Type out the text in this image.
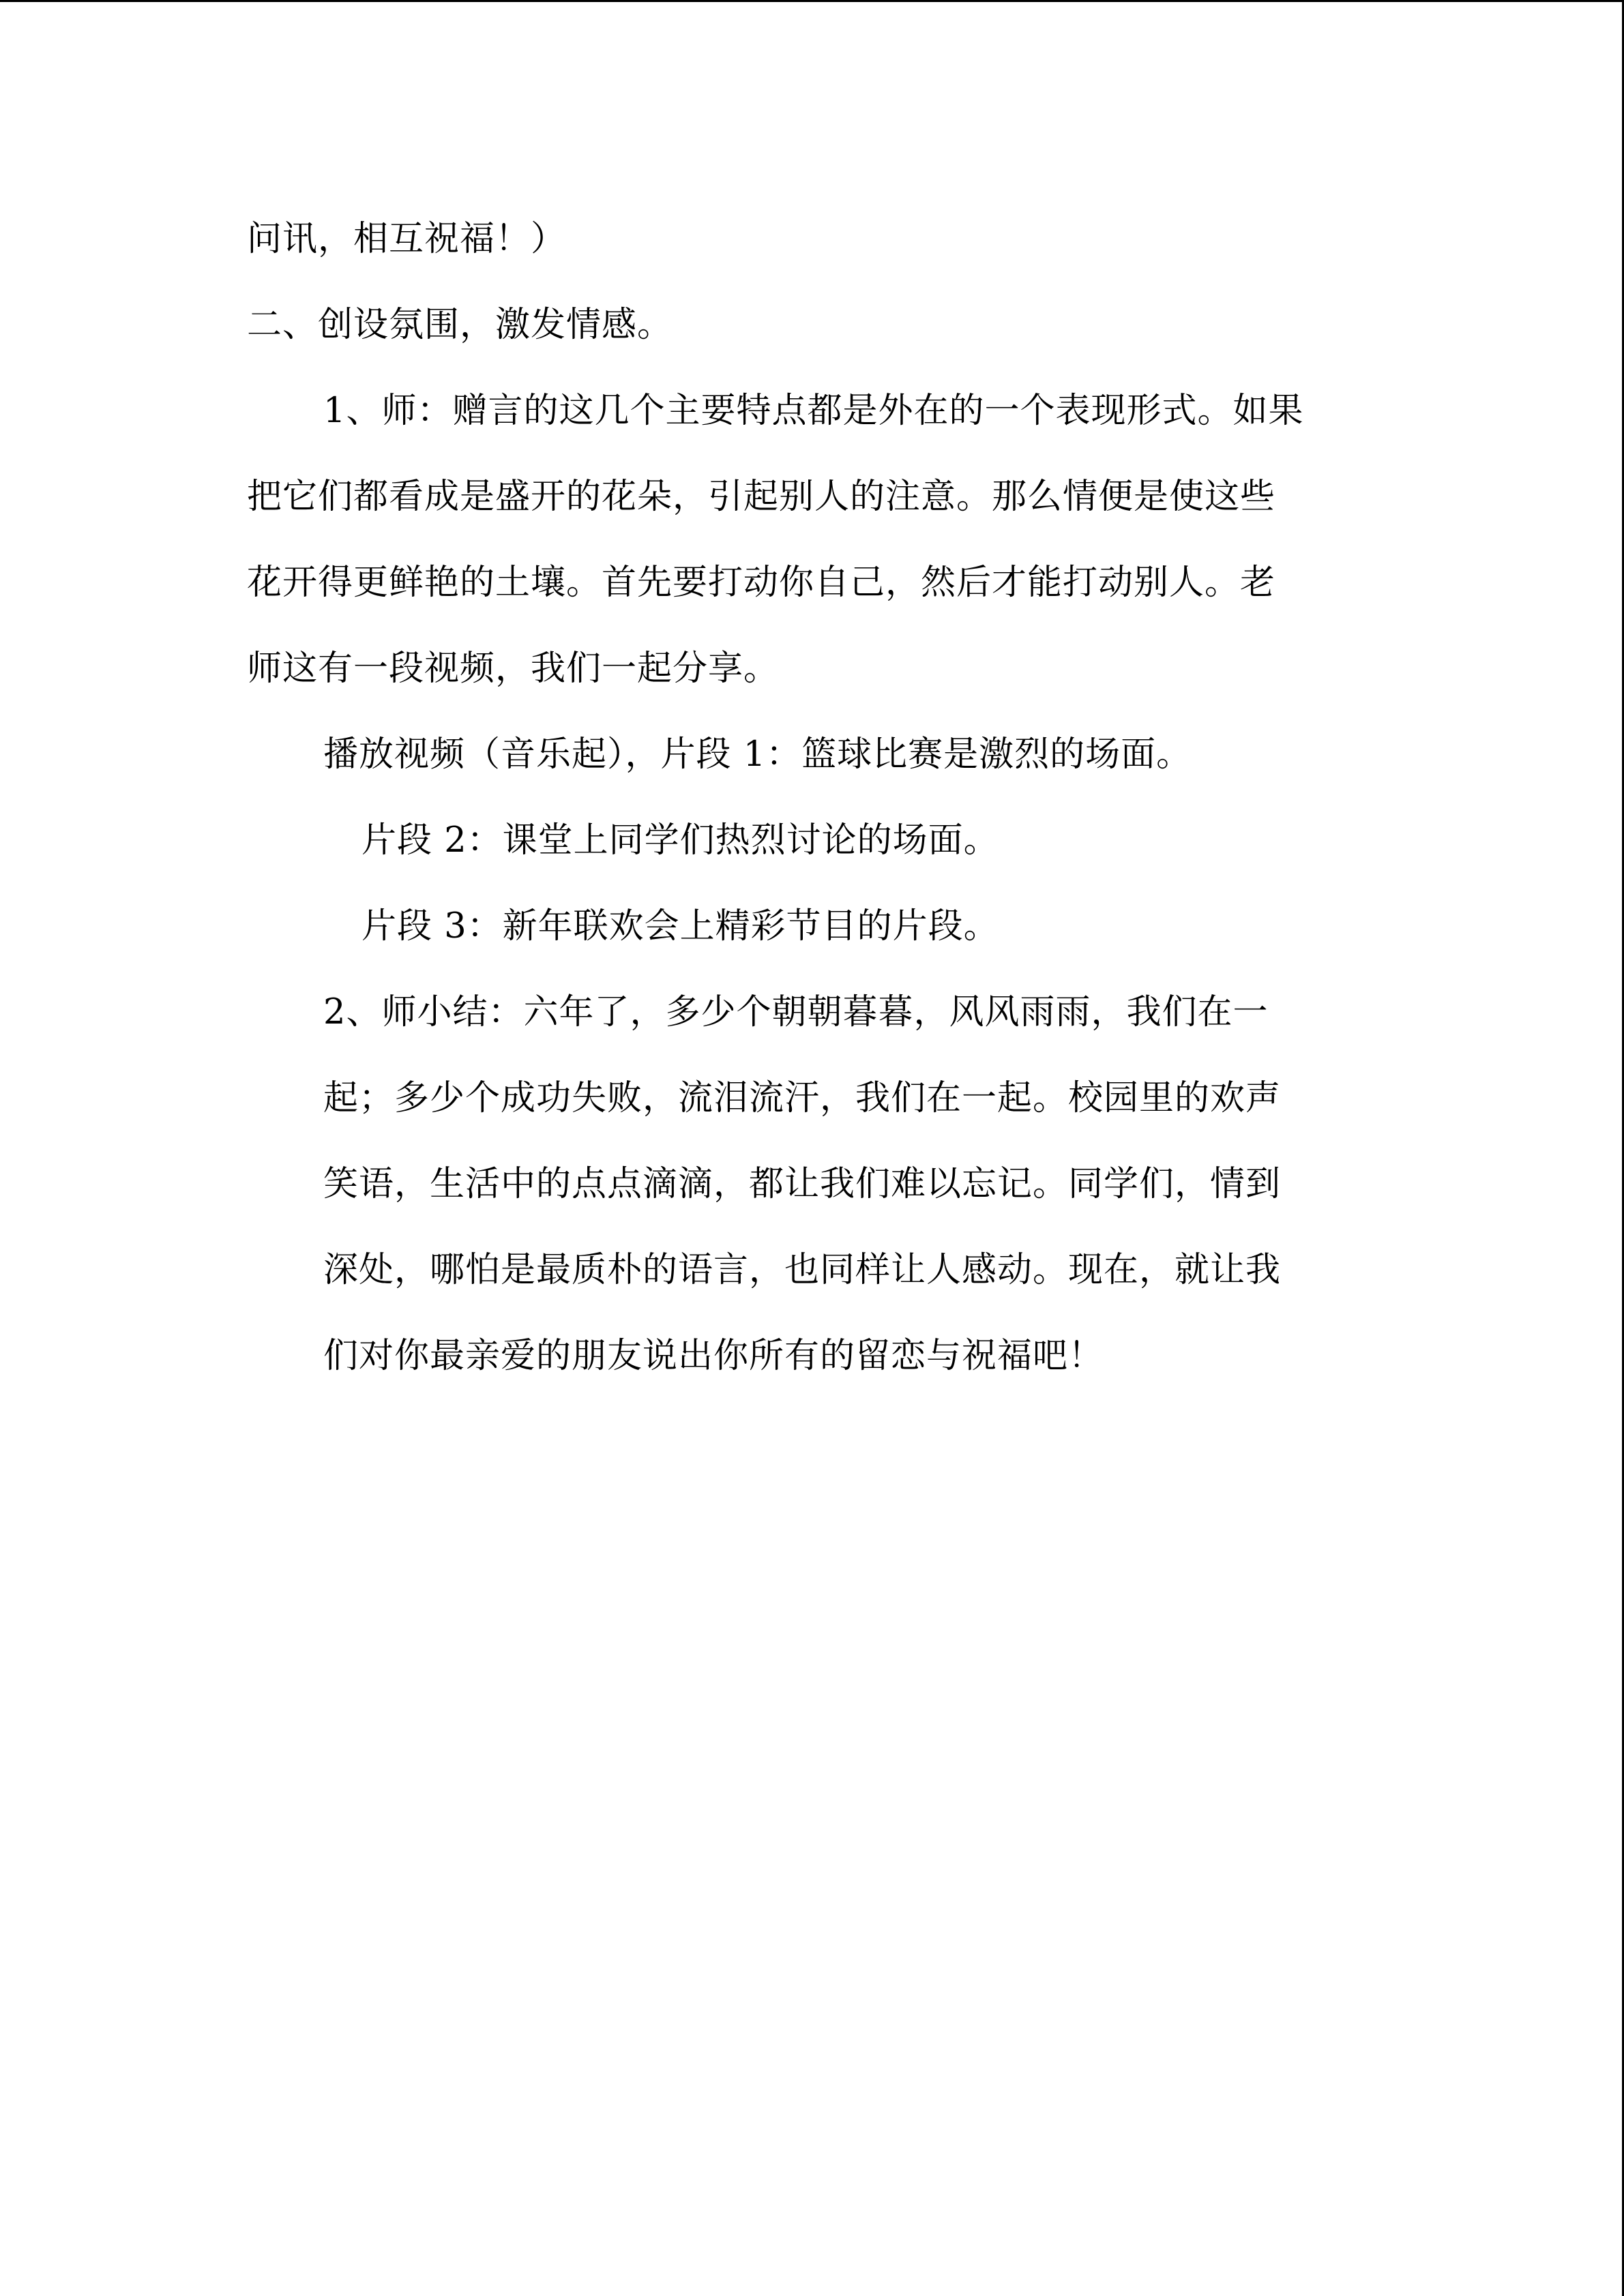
问讯，相互祝福！）
二、创设氛围，激发情感。
1、师：赠言的这几个主要特点都是外在的一个表现形式。如果
把它们都看成是盛开的花朵，引起别人的注意。那么情便是使这些
花开得更鲜艳的土壤。首先要打动你自己，然后才能打动别人。老
师这有一段视频，我们一起分享。
播放视频（音乐起），片段 1：篮球比赛是激烈的场面。
片段 2：课堂上同学们热烈讨论的场面。
片段 3：新年联欢会上精彩节目的片段。
2、师小结：六年了，多少个朝朝暮暮，风风雨雨，我们在一
起；多少个成功失败，流泪流汗，我们在一起。校园里的欢声
笑语，生活中的点点滴滴，都让我们难以忘记。同学们，情到
深处，哪怕是最质朴的语言，也同样让人感动。现在，就让我
们对你最亲爱的朋友说出你所有的留恋与祝福吧！
